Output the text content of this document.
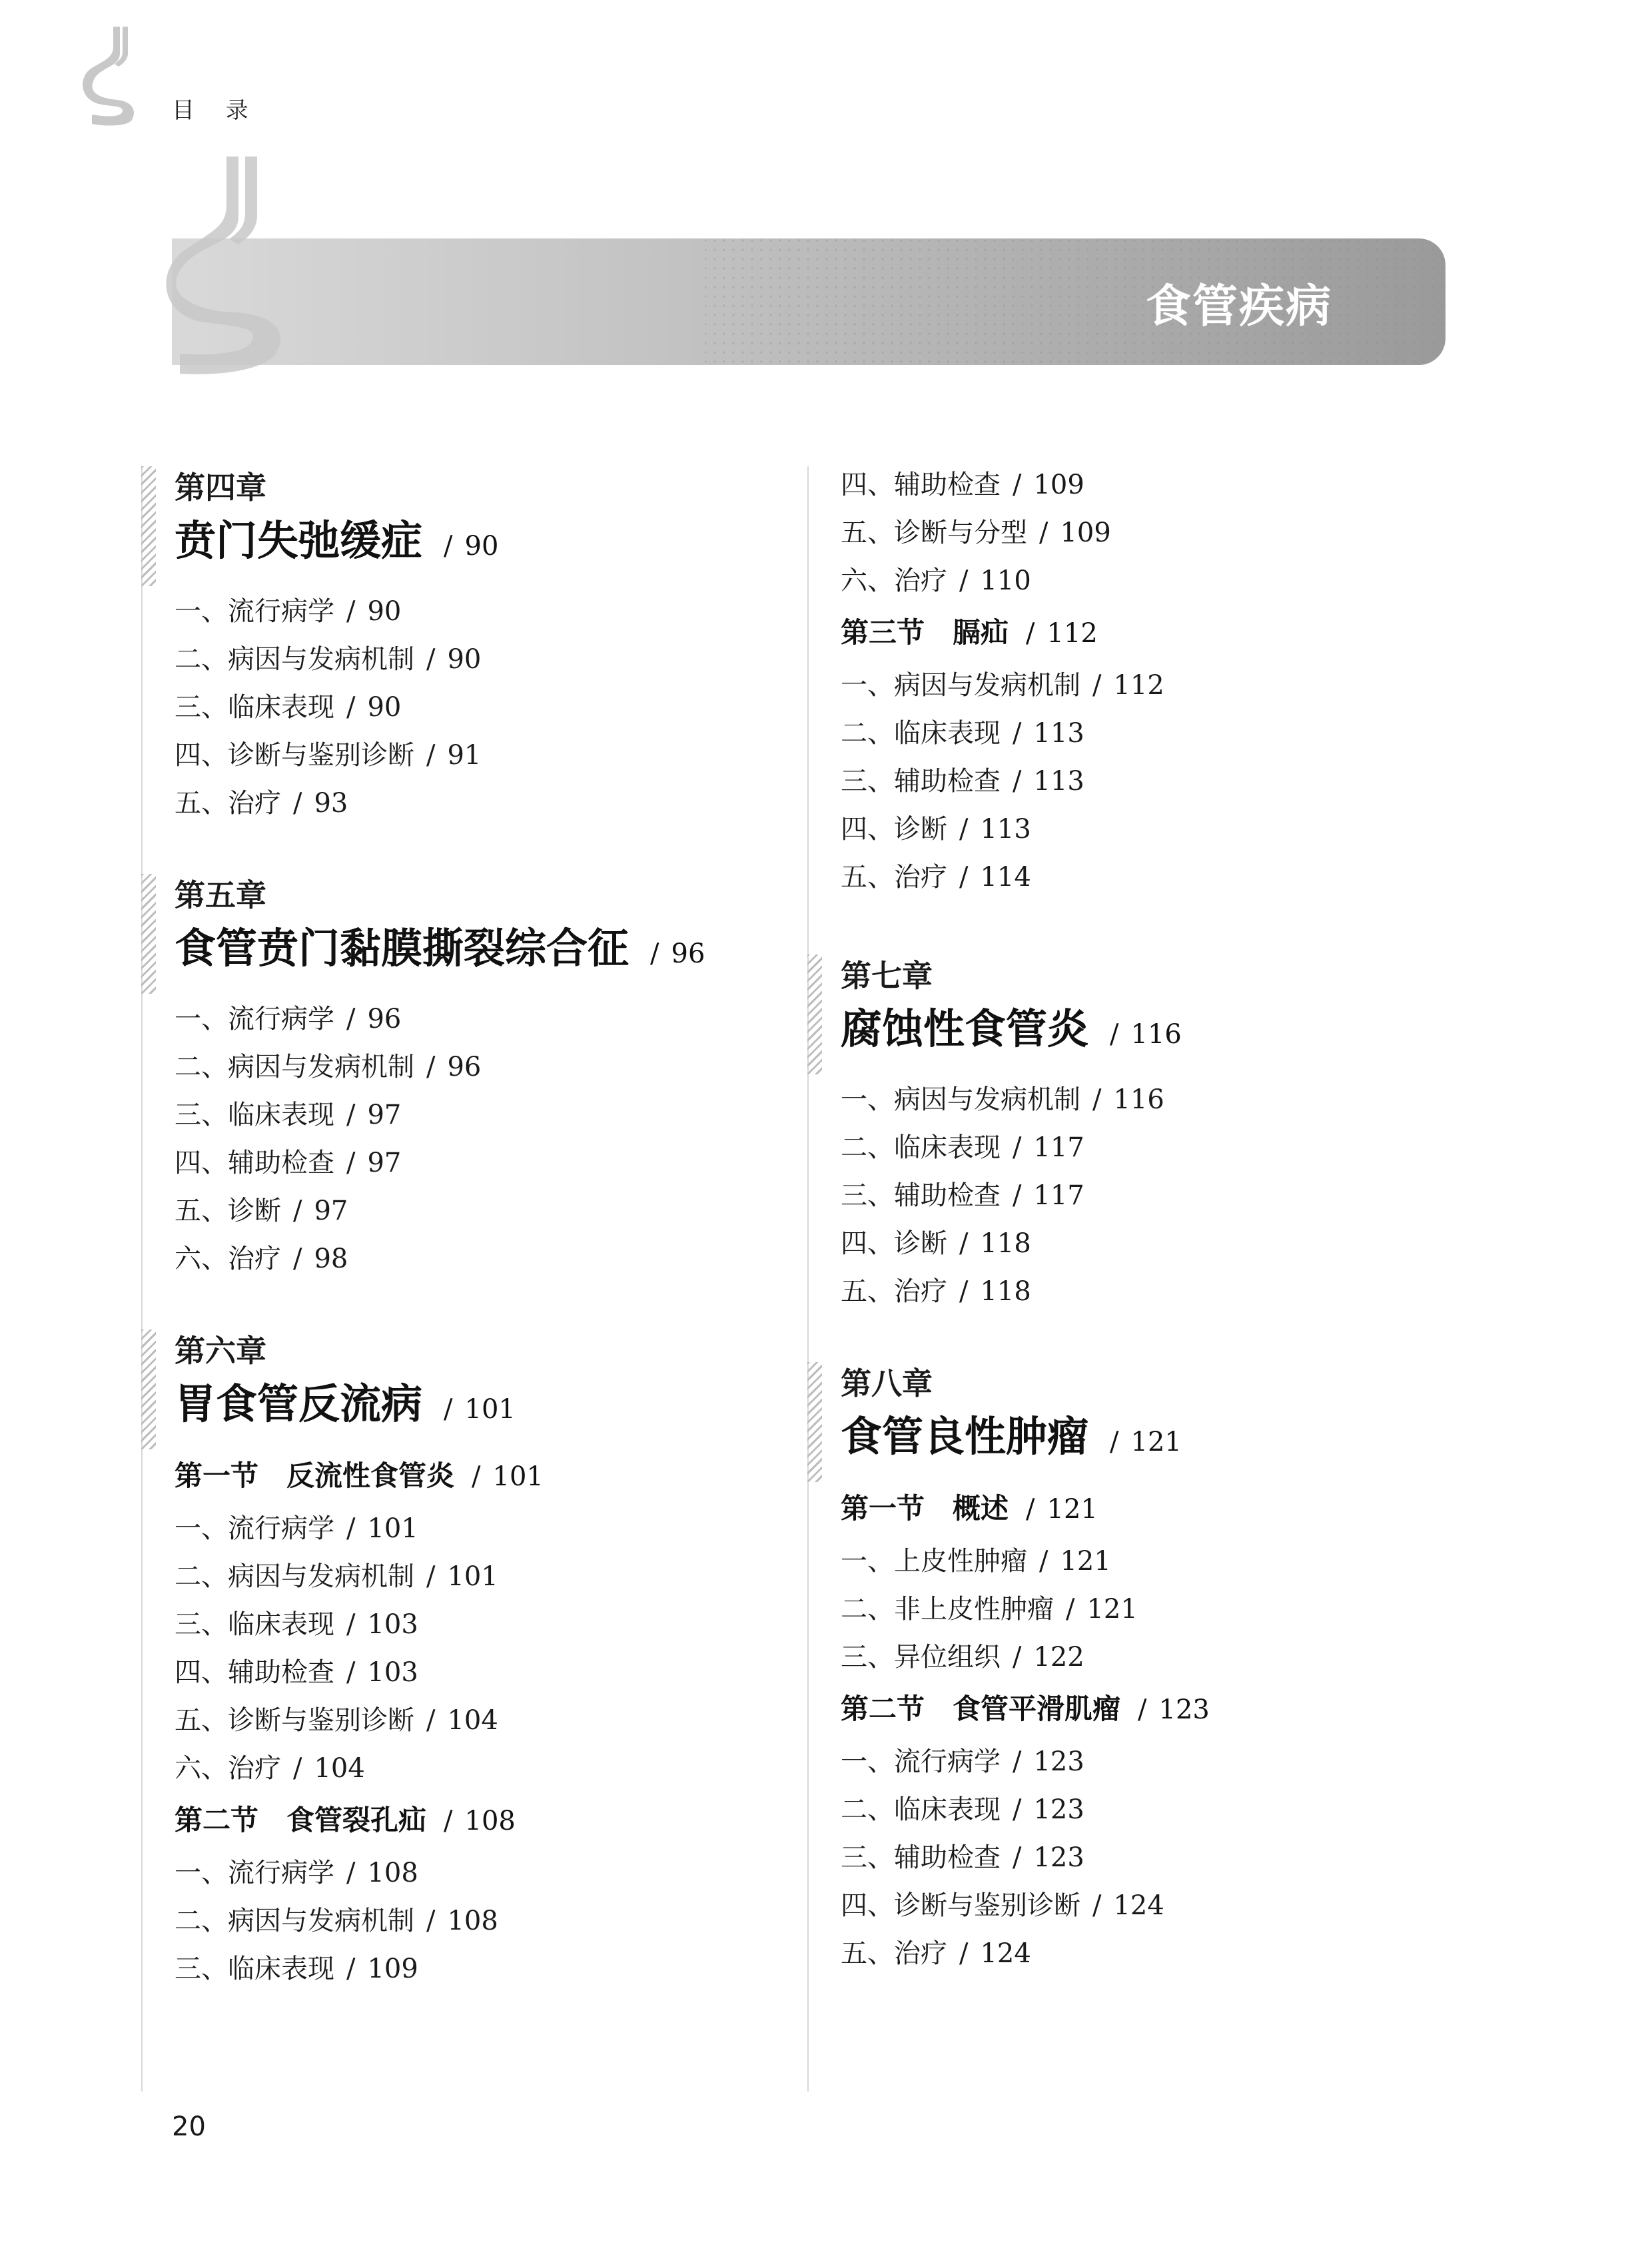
目 录
食管疾病
第四章
贲门失弛缓症 / 90
一、流行病学 / 90
二、病因与发病机制 / 90
三、临床表现 / 90
四、诊断与鉴别诊断 / 91
五、治疗 / 93
第五章
食管贲门黏膜撕裂综合征 / 96
一、流行病学 / 96
二、病因与发病机制 / 96
三、临床表现 / 97
四、辅助检查 / 97
五、诊断 / 97
六、治疗 / 98
第六章
胃食管反流病 / 101
第一节　反流性食管炎 / 101
一、流行病学 / 101
二、病因与发病机制 / 101
三、临床表现 / 103
四、辅助检查 / 103
五、诊断与鉴别诊断 / 104
六、治疗 / 104
第二节　食管裂孔疝 / 108
一、流行病学 / 108
二、病因与发病机制 / 108
三、临床表现 / 109
四、辅助检查 / 109
五、诊断与分型 / 109
六、治疗 / 110
第三节　膈疝 / 112
一、病因与发病机制 / 112
二、临床表现 / 113
三、辅助检查 / 113
四、诊断 / 113
五、治疗 / 114
第七章
腐蚀性食管炎 / 116
一、病因与发病机制 / 116
二、临床表现 / 117
三、辅助检查 / 117
四、诊断 / 118
五、治疗 / 118
第八章
食管良性肿瘤 / 121
第一节　概述 / 121
一、上皮性肿瘤 / 121
二、非上皮性肿瘤 / 121
三、异位组织 / 122
第二节　食管平滑肌瘤 / 123
一、流行病学 / 123
二、临床表现 / 123
三、辅助检查 / 123
四、诊断与鉴别诊断 / 124
五、治疗 / 124
20
